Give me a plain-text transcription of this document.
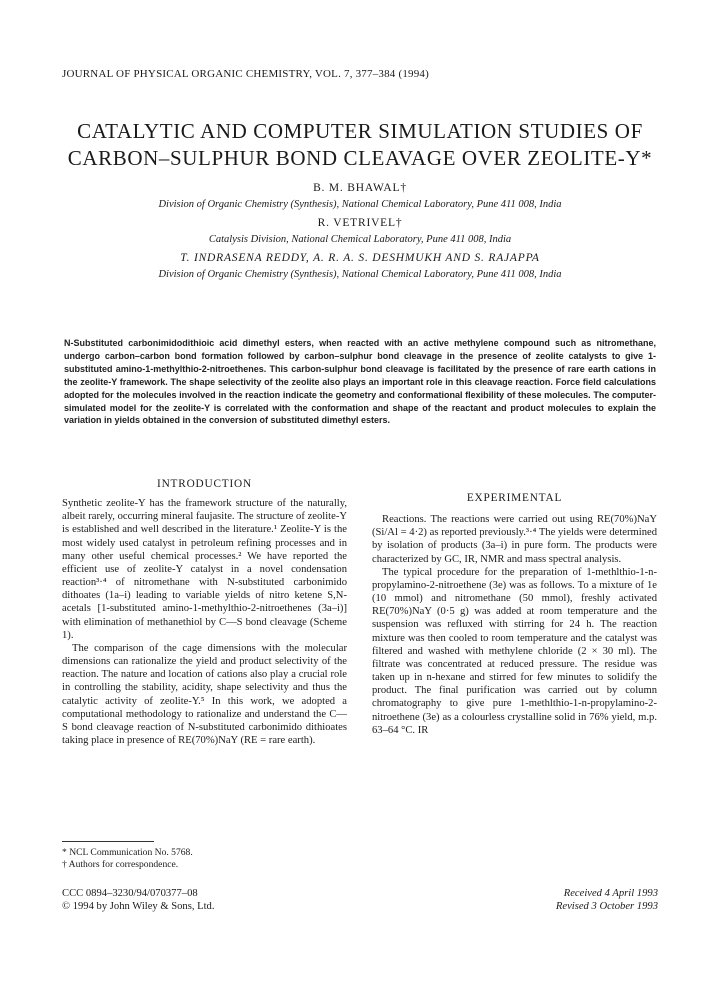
JOURNAL OF PHYSICAL ORGANIC CHEMISTRY, VOL. 7, 377–384 (1994)
CATALYTIC AND COMPUTER SIMULATION STUDIES OF
CARBON–SULPHUR BOND CLEAVAGE OVER ZEOLITE-Y*
B. M. BHAWAL†
Division of Organic Chemistry (Synthesis), National Chemical Laboratory, Pune 411 008, India
R. VETRIVEL†
Catalysis Division, National Chemical Laboratory, Pune 411 008, India
T. INDRASENA REDDY, A. R. A. S. DESHMUKH AND S. RAJAPPA
Division of Organic Chemistry (Synthesis), National Chemical Laboratory, Pune 411 008, India
N-Substituted carbonimidodithioic acid dimethyl esters, when reacted with an active methylene compound such as nitromethane, undergo carbon–carbon bond formation followed by carbon–sulphur bond cleavage in the presence of zeolite catalysts to give 1-substituted amino-1-methylthio-2-nitroethenes. This carbon-sulphur bond cleavage is facilitated by the presence of rare earth cations in the zeolite-Y framework. The shape selectivity of the zeolite also plays an important role in this cleavage reaction. Force field calculations adopted for the molecules involved in the reaction indicate the geometry and conformational flexibility of these molecules. The computer-simulated model for the zeolite-Y is correlated with the conformation and shape of the reactant and product molecules to explain the variation in yields obtained in the conversion of substituted dimethyl esters.
INTRODUCTION

Synthetic zeolite-Y has the framework structure of the naturally, albeit rarely, occurring mineral faujasite. The structure of zeolite-Y is established and well described in the literature.¹ Zeolite-Y is the most widely used catalyst in petroleum refining processes and in many other useful chemical processes.² We have reported the efficient use of zeolite-Y catalyst in a novel condensation reaction³·⁴ of nitromethane with N-substituted carbonimido dithoates (1a–i) leading to variable yields of nitro ketene S,N-acetals [1-substituted amino-1-methylthio-2-nitroethenes (3a–i)] with elimination of methanethiol by C—S bond cleavage (Scheme 1).

The comparison of the cage dimensions with the molecular dimensions can rationalize the yield and product selectivity of the reaction. The nature and location of cations also play a crucial role in controlling the stability, acidity, shape selectivity and thus the catalytic activity of zeolite-Y.⁵ In this work, we adopted a computational methodology to rationalize and understand the C—S bond cleavage reaction of N-substituted carbonimido dithioates taking place in presence of RE(70%)NaY (RE = rare earth).

EXPERIMENTAL

Reactions. The reactions were carried out using RE(70%)NaY (Si/Al = 4·2) as reported previously.³·⁴ The yields were determined by isolation of products (3a–i) in pure form. The products were characterized by GC, IR, NMR and mass spectral analysis.

The typical procedure for the preparation of 1-methlthio-1-n-propylamino-2-nitroethene (3e) was as follows. To a mixture of 1e (10 mmol) and nitromethane (50 mmol), freshly activated RE(70%)NaY (0·5 g) was added at room temperature and the suspension was refluxed with stirring for 24 h. The reaction mixture was then cooled to room temperature and the catalyst was filtered and washed with methylene chloride (2 × 30 ml). The filtrate was concentrated at reduced pressure. The residue was taken up in n-hexane and stirred for few minutes to solidify the product. The final purification was carried out by column chromatography to give pure 1-methlthio-1-n-propylamino-2-nitroethene (3e) as a colourless crystalline solid in 76% yield, m.p. 63–64 °C. IR

* NCL Communication No. 5768.
† Authors for correspondence.
CCC 0894–3230/94/070377–08
© 1994 by John Wiley & Sons, Ltd.
Received 4 April 1993
Revised 3 October 1993
